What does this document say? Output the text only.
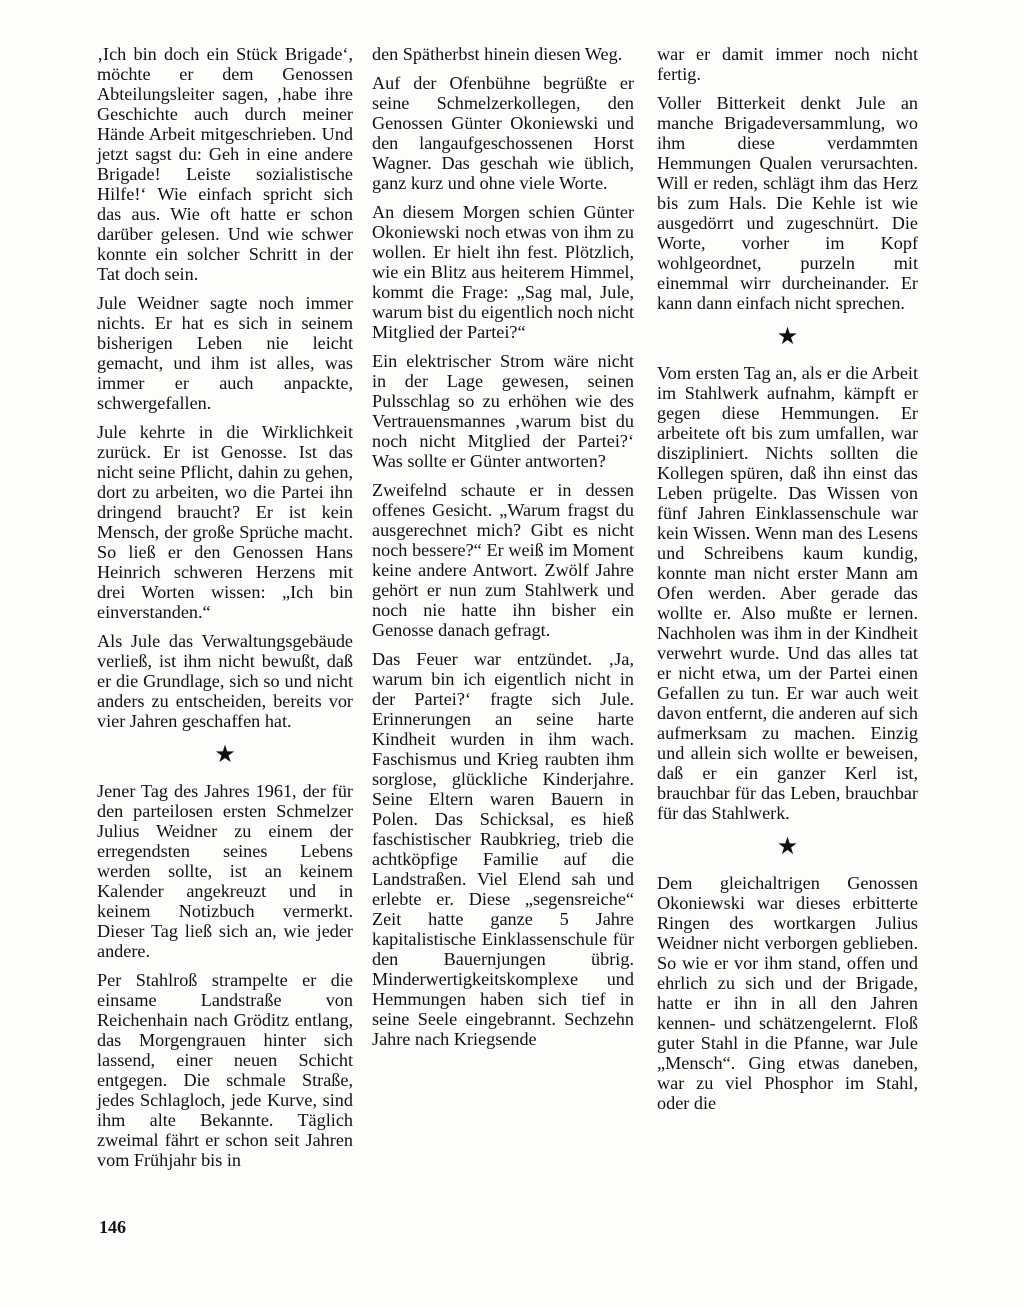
‚Ich bin doch ein Stück Brigade‘, möchte er dem Genossen Abteilungsleiter sagen, ‚habe ihre Geschichte auch durch meiner Hände Arbeit mitgeschrieben. Und jetzt sagst du: Geh in eine andere Brigade! Leiste sozialistische Hilfe!‘ Wie einfach spricht sich das aus. Wie oft hatte er schon darüber gelesen. Und wie schwer konnte ein solcher Schritt in der Tat doch sein.

Jule Weidner sagte noch immer nichts. Er hat es sich in seinem bisherigen Leben nie leicht gemacht, und ihm ist alles, was immer er auch anpackte, schwergefallen.

Jule kehrte in die Wirklichkeit zurück. Er ist Genosse. Ist das nicht seine Pflicht, dahin zu gehen, dort zu arbeiten, wo die Partei ihn dringend braucht? Er ist kein Mensch, der große Sprüche macht. So ließ er den Genossen Hans Heinrich schweren Herzens mit drei Worten wissen: „Ich bin einverstanden.“

Als Jule das Verwaltungsgebäude verließ, ist ihm nicht bewußt, daß er die Grundlage, sich so und nicht anders zu entscheiden, bereits vor vier Jahren geschaffen hat.

★

Jener Tag des Jahres 1961, der für den parteilosen ersten Schmelzer Julius Weidner zu einem der erregendsten seines Lebens werden sollte, ist an keinem Kalender angekreuzt und in keinem Notizbuch vermerkt. Dieser Tag ließ sich an, wie jeder andere.

Per Stahlroß strampelte er die einsame Landstraße von Reichenhain nach Gröditz entlang, das Morgengrauen hinter sich lassend, einer neuen Schicht entgegen. Die schmale Straße, jedes Schlagloch, jede Kurve, sind ihm alte Bekannte. Täglich zweimal fährt er schon seit Jahren vom Frühjahr bis in

den Spätherbst hinein diesen Weg.

Auf der Ofenbühne begrüßte er seine Schmelzerkollegen, den Genossen Günter Okoniewski und den langaufgeschossenen Horst Wagner. Das geschah wie üblich, ganz kurz und ohne viele Worte.

An diesem Morgen schien Günter Okoniewski noch etwas von ihm zu wollen. Er hielt ihn fest. Plötzlich, wie ein Blitz aus heiterem Himmel, kommt die Frage: „Sag mal, Jule, warum bist du eigentlich noch nicht Mitglied der Partei?“

Ein elektrischer Strom wäre nicht in der Lage gewesen, seinen Pulsschlag so zu erhöhen wie des Vertrauensmannes ‚warum bist du noch nicht Mitglied der Partei?‘ Was sollte er Günter antworten?

Zweifelnd schaute er in dessen offenes Gesicht. „Warum fragst du ausgerechnet mich? Gibt es nicht noch bessere?“ Er weiß im Moment keine andere Antwort. Zwölf Jahre gehört er nun zum Stahlwerk und noch nie hatte ihn bisher ein Genosse danach gefragt.

Das Feuer war entzündet. ‚Ja, warum bin ich eigentlich nicht in der Partei?‘ fragte sich Jule. Erinnerungen an seine harte Kindheit wurden in ihm wach. Faschismus und Krieg raubten ihm sorglose, glückliche Kinderjahre. Seine Eltern waren Bauern in Polen. Das Schicksal, es hieß faschistischer Raubkrieg, trieb die achtköpfige Familie auf die Landstraßen. Viel Elend sah und erlebte er. Diese „segensreiche“ Zeit hatte ganze 5 Jahre kapitalistische Einklassenschule für den Bauernjungen übrig. Minderwertigkeitskomplexe und Hemmungen haben sich tief in seine Seele eingebrannt. Sechzehn Jahre nach Kriegsende

war er damit immer noch nicht fertig.

Voller Bitterkeit denkt Jule an manche Brigadeversammlung, wo ihm diese verdammten Hemmungen Qualen verursachten. Will er reden, schlägt ihm das Herz bis zum Hals. Die Kehle ist wie ausgedörrt und zugeschnürt. Die Worte, vorher im Kopf wohlgeordnet, purzeln mit einemmal wirr durcheinander. Er kann dann einfach nicht sprechen.

★

Vom ersten Tag an, als er die Arbeit im Stahlwerk aufnahm, kämpft er gegen diese Hemmungen. Er arbeitete oft bis zum umfallen, war diszipliniert. Nichts sollten die Kollegen spüren, daß ihn einst das Leben prügelte. Das Wissen von fünf Jahren Einklassenschule war kein Wissen. Wenn man des Lesens und Schreibens kaum kundig, konnte man nicht erster Mann am Ofen werden. Aber gerade das wollte er. Also mußte er lernen. Nachholen was ihm in der Kindheit verwehrt wurde. Und das alles tat er nicht etwa, um der Partei einen Gefallen zu tun. Er war auch weit davon entfernt, die anderen auf sich aufmerksam zu machen. Einzig und allein sich wollte er beweisen, daß er ein ganzer Kerl ist, brauchbar für das Leben, brauchbar für das Stahlwerk.

★

Dem gleichaltrigen Genossen Okoniewski war dieses erbitterte Ringen des wortkargen Julius Weidner nicht verborgen geblieben. So wie er vor ihm stand, offen und ehrlich zu sich und der Brigade, hatte er ihn in all den Jahren kennen- und schätzengelernt. Floß guter Stahl in die Pfanne, war Jule „Mensch“. Ging etwas daneben, war zu viel Phosphor im Stahl, oder die

146
